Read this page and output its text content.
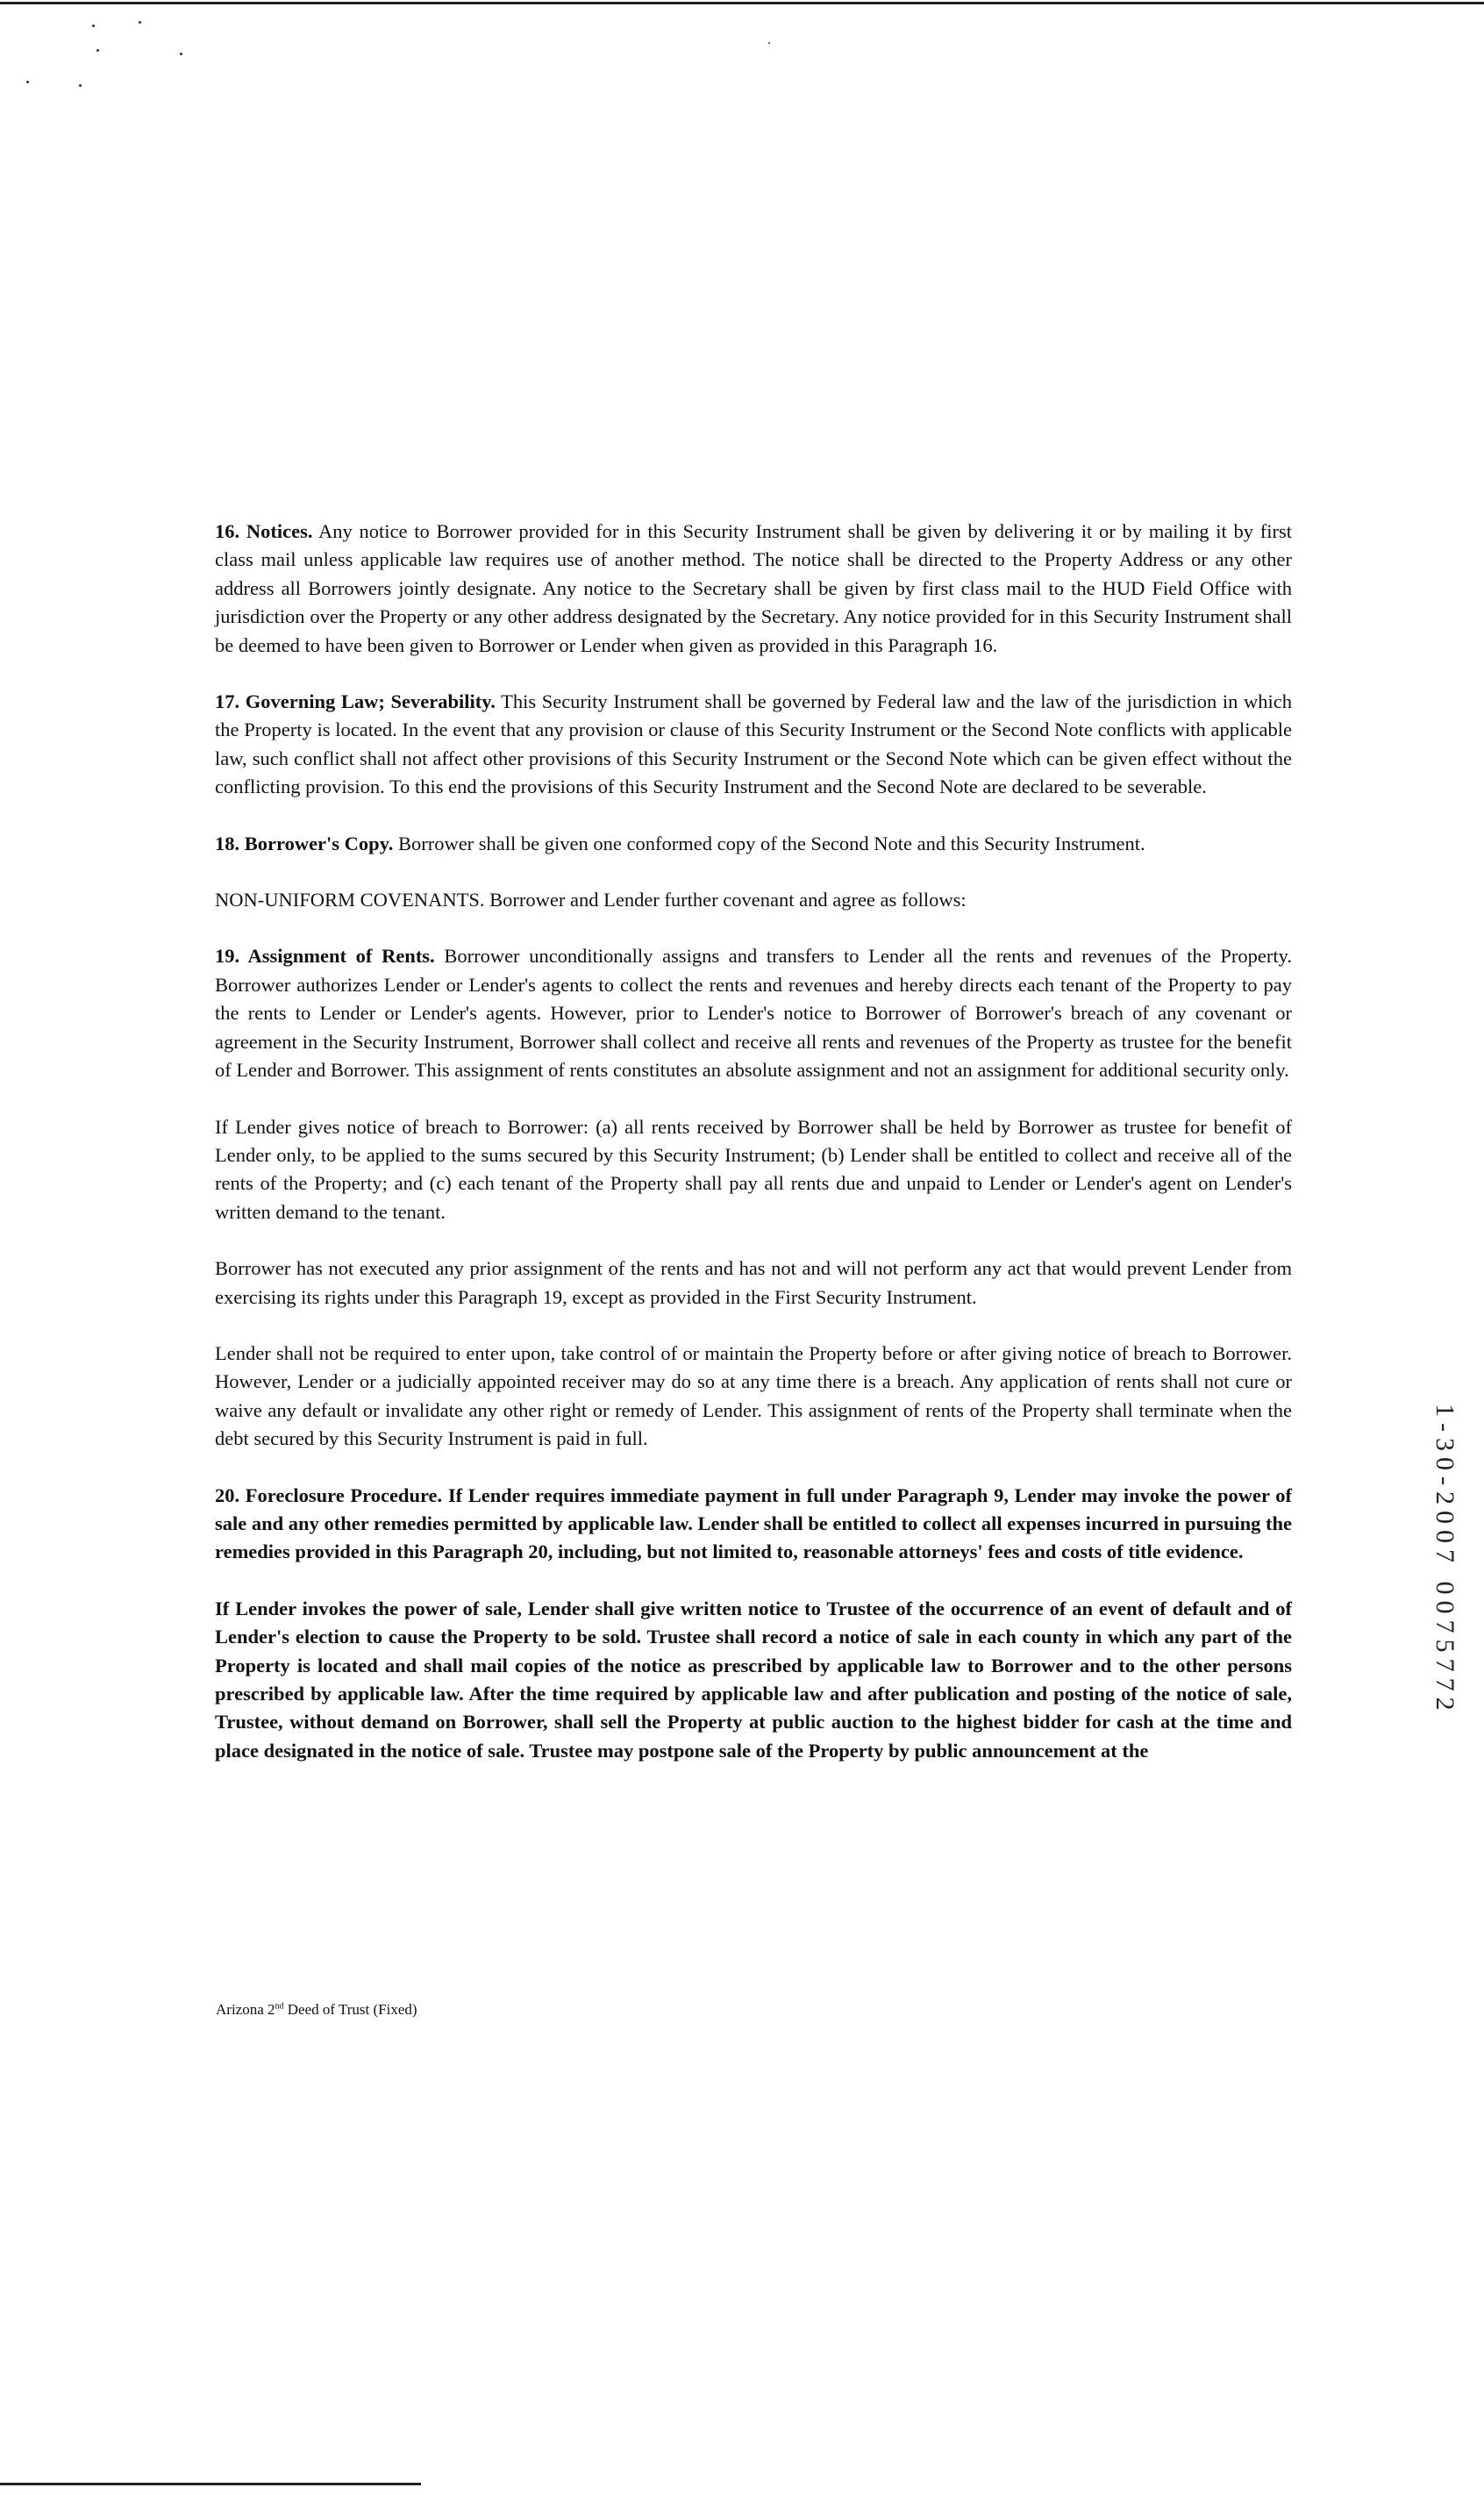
16. Notices. Any notice to Borrower provided for in this Security Instrument shall be given by delivering it or by mailing it by first class mail unless applicable law requires use of another method. The notice shall be directed to the Property Address or any other address all Borrowers jointly designate. Any notice to the Secretary shall be given by first class mail to the HUD Field Office with jurisdiction over the Property or any other address designated by the Secretary. Any notice provided for in this Security Instrument shall be deemed to have been given to Borrower or Lender when given as provided in this Paragraph 16.

17. Governing Law; Severability. This Security Instrument shall be governed by Federal law and the law of the jurisdiction in which the Property is located. In the event that any provision or clause of this Security Instrument or the Second Note conflicts with applicable law, such conflict shall not affect other provisions of this Security Instrument or the Second Note which can be given effect without the conflicting provision. To this end the provisions of this Security Instrument and the Second Note are declared to be severable.

18. Borrower's Copy. Borrower shall be given one conformed copy of the Second Note and this Security Instrument.

NON-UNIFORM COVENANTS. Borrower and Lender further covenant and agree as follows:

19. Assignment of Rents. Borrower unconditionally assigns and transfers to Lender all the rents and revenues of the Property. Borrower authorizes Lender or Lender's agents to collect the rents and revenues and hereby directs each tenant of the Property to pay the rents to Lender or Lender's agents. However, prior to Lender's notice to Borrower of Borrower's breach of any covenant or agreement in the Security Instrument, Borrower shall collect and receive all rents and revenues of the Property as trustee for the benefit of Lender and Borrower. This assignment of rents constitutes an absolute assignment and not an assignment for additional security only.

If Lender gives notice of breach to Borrower: (a) all rents received by Borrower shall be held by Borrower as trustee for benefit of Lender only, to be applied to the sums secured by this Security Instrument; (b) Lender shall be entitled to collect and receive all of the rents of the Property; and (c) each tenant of the Property shall pay all rents due and unpaid to Lender or Lender's agent on Lender's written demand to the tenant.

Borrower has not executed any prior assignment of the rents and has not and will not perform any act that would prevent Lender from exercising its rights under this Paragraph 19, except as provided in the First Security Instrument.

Lender shall not be required to enter upon, take control of or maintain the Property before or after giving notice of breach to Borrower. However, Lender or a judicially appointed receiver may do so at any time there is a breach. Any application of rents shall not cure or waive any default or invalidate any other right or remedy of Lender. This assignment of rents of the Property shall terminate when the debt secured by this Security Instrument is paid in full.

20. Foreclosure Procedure. If Lender requires immediate payment in full under Paragraph 9, Lender may invoke the power of sale and any other remedies permitted by applicable law. Lender shall be entitled to collect all expenses incurred in pursuing the remedies provided in this Paragraph 20, including, but not limited to, reasonable attorneys' fees and costs of title evidence.

If Lender invokes the power of sale, Lender shall give written notice to Trustee of the occurrence of an event of default and of Lender's election to cause the Property to be sold. Trustee shall record a notice of sale in each county in which any part of the Property is located and shall mail copies of the notice as prescribed by applicable law to Borrower and to the other persons prescribed by applicable law. After the time required by applicable law and after publication and posting of the notice of sale, Trustee, without demand on Borrower, shall sell the Property at public auction to the highest bidder for cash at the time and place designated in the notice of sale. Trustee may postpone sale of the Property by public announcement at the

Arizona 2nd Deed of Trust (Fixed)
1-30-2007 0075772
